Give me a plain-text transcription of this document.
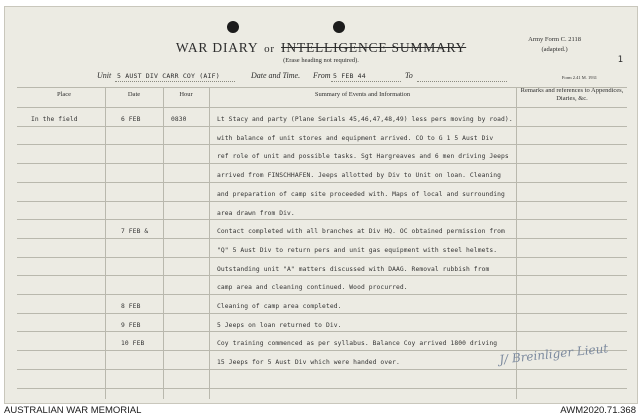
WAR DIARY or INTELLIGENCE SUMMARY
(Erase heading not required).
Army Form C. 2118
(adapted.)
1
Form 2.41 M. 1931
Unit 5 AUST DIV CARR COY (AIF)	Date and Time. From 5 FEB 44	To
Place	Date	Hour	Summary of Events and Information
Remarks and references to Appendices, Diaries, &c.
In the field	6 FEB	0830	Lt Stacy and party (Plane Serials 45,46,47,48,49) less pers moving by road).
with balance of unit stores and equipment arrived. CO to G 1 5 Aust Div
ref role of unit and possible tasks. Sgt Hargreaves and 6 men driving Jeeps
arrived from FINSCHHAFEN. Jeeps allotted by Div to Unit on loan. Cleaning
and preparation of camp site proceeded with. Maps of local and surrounding
area drawn from Div.
7 FEB &	Contact completed with all branches at Div HQ. OC obtained permission from
"Q" 5 Aust Div to return pers and unit gas equipment with steel helmets.
Outstanding unit "A" matters discussed with DAAG. Removal rubbish from
camp area and cleaning continued. Wood procurred.
8 FEB	Cleaning of camp area completed.
9 FEB	5 Jeeps on loan returned to Div.
10 FEB	Coy training commenced as per syllabus. Balance Coy arrived 1800 driving
15 Jeeps for 5 Aust Div which were handed over.	J/ Breinliger Lieut
AUSTRALIAN WAR MEMORIAL	AWM2020.71.368
